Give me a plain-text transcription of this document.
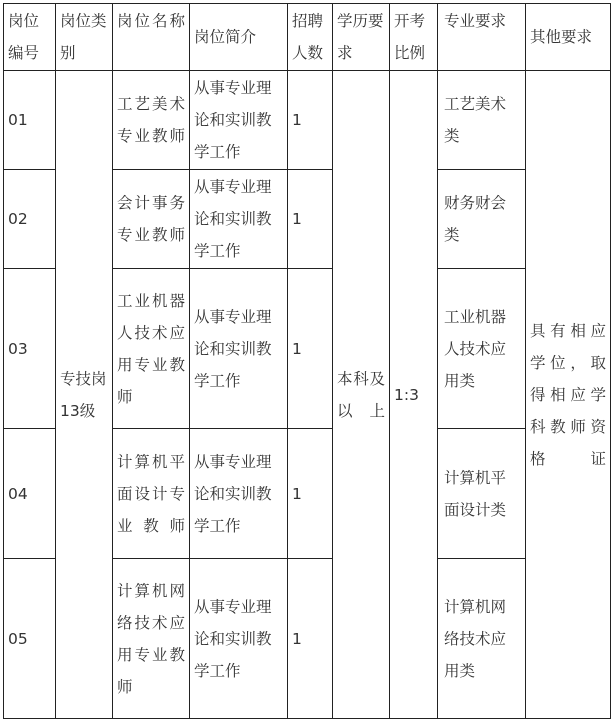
岗位编号	岗位类别	岗位名称	岗位简介	招聘人数	学历要求	开考比例	专业要求	其他要求
01	专技岗13级	工艺美术专业教师	从事专业理论和实训教学工作	1	本科及以上	1:3	工艺美术类	具有相应学位，取得相应学科教师资格证
02		会计事务专业教师	从事专业理论和实训教学工作	1			财务财会类	
03		工业机器人技术应用专业教师	从事专业理论和实训教学工作	1			工业机器人技术应用类	
04		计算机平面设计专业教师	从事专业理论和实训教学工作	1			计算机平面设计类	
05		计算机网络技术应用专业教师	从事专业理论和实训教学工作	1			计算机网络技术应用类	
